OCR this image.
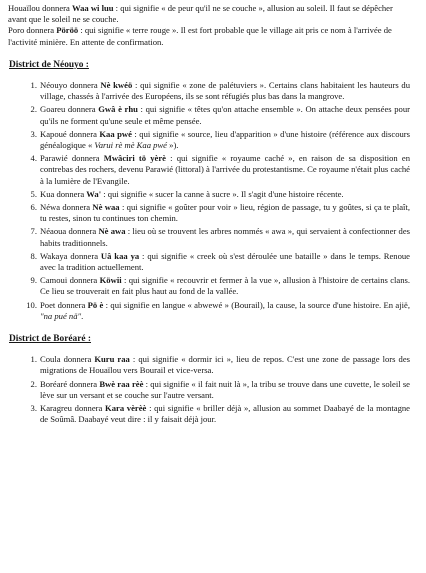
Houaïlou donnera Waa wi luu : qui signifie « de peur qu'il ne se couche », allusion au soleil. Il faut se dépêcher avant que le soleil ne se couche.

Poro donnera Pöröö : qui signifie « terre rouge ». Il est fort probable que le village ait pris ce nom à l'arrivée de l'activité minière. En attente de confirmation.

District de Néouyo :

1. Néouyo donnera Nè kwéö : qui signifie « zone de palétuviers ». Certains clans habitaient les hauteurs du village, chassés à l'arrivée des Européens, ils se sont réfugiés plus bas dans la mangrove.
2. Goareu donnera Gwâ è rhu : qui signifie « têtes qu'on attache ensemble ». On attache deux pensées pour qu'ils ne forment qu'une seule et même pensée.
3. Kapoué donnera Kaa pwé : qui signifie « source, lieu d'apparition » d'une histoire (référence aux discours généalogique « Varui rè mè Kaa pwé »).
4. Parawié donnera Mwâciri tö yèrè : qui signifie « royaume caché », en raison de sa disposition en contrebas des rochers, devenu Parawié (littoral) à l'arrivée du protestantisme. Ce royaume n'était plus caché à la lumière de l'Evangile.
5. Kua donnera Wa' : qui signifie « sucer la canne à sucre ». Il s'agit d'une histoire récente.
6. Néwa donnera Nè waa : qui signifie « goûter pour voir » lieu, région de passage, tu y goûtes, si ça te plaît, tu restes, sinon tu continues ton chemin.
7. Néaoua donnera Nè awa : lieu où se trouvent les arbres nommés « awa », qui servaient à confectionner des habits traditionnels.
8. Wakaya donnera Uâ kaa ya : qui signifie « creek où s'est déroulée une bataille » dans le temps. Renoue avec la tradition actuellement.
9. Camoui donnera Köwii : qui signifie « recouvrir et fermer à la vue », allusion à l'histoire de certains clans. Ce lieu se trouverait en fait plus haut au fond de la vallée.
10. Poet donnera Pö è : qui signifie en langue « abwewé » (Bourail), la cause, la source d'une histoire. En ajië, "na pué nä".

District de Boréaré :

1. Coula donnera Kuru raa : qui signifie « dormir ici », lieu de repos. C'est une zone de passage lors des migrations de Houaïlou vers Bourail et vice-versa.
2. Boréaré donnera Bwè raa rèè : qui signifie « il fait nuit là », la tribu se trouve dans une cuvette, le soleil se lève sur un versant et se couche sur l'autre versant.
3. Karagreu donnera Kara vèrèè : qui signifie « briller déjà », allusion au sommet Daabayé de la montagne de Soûmâ. Daabayé veut dire : il y faisait déjà jour.
